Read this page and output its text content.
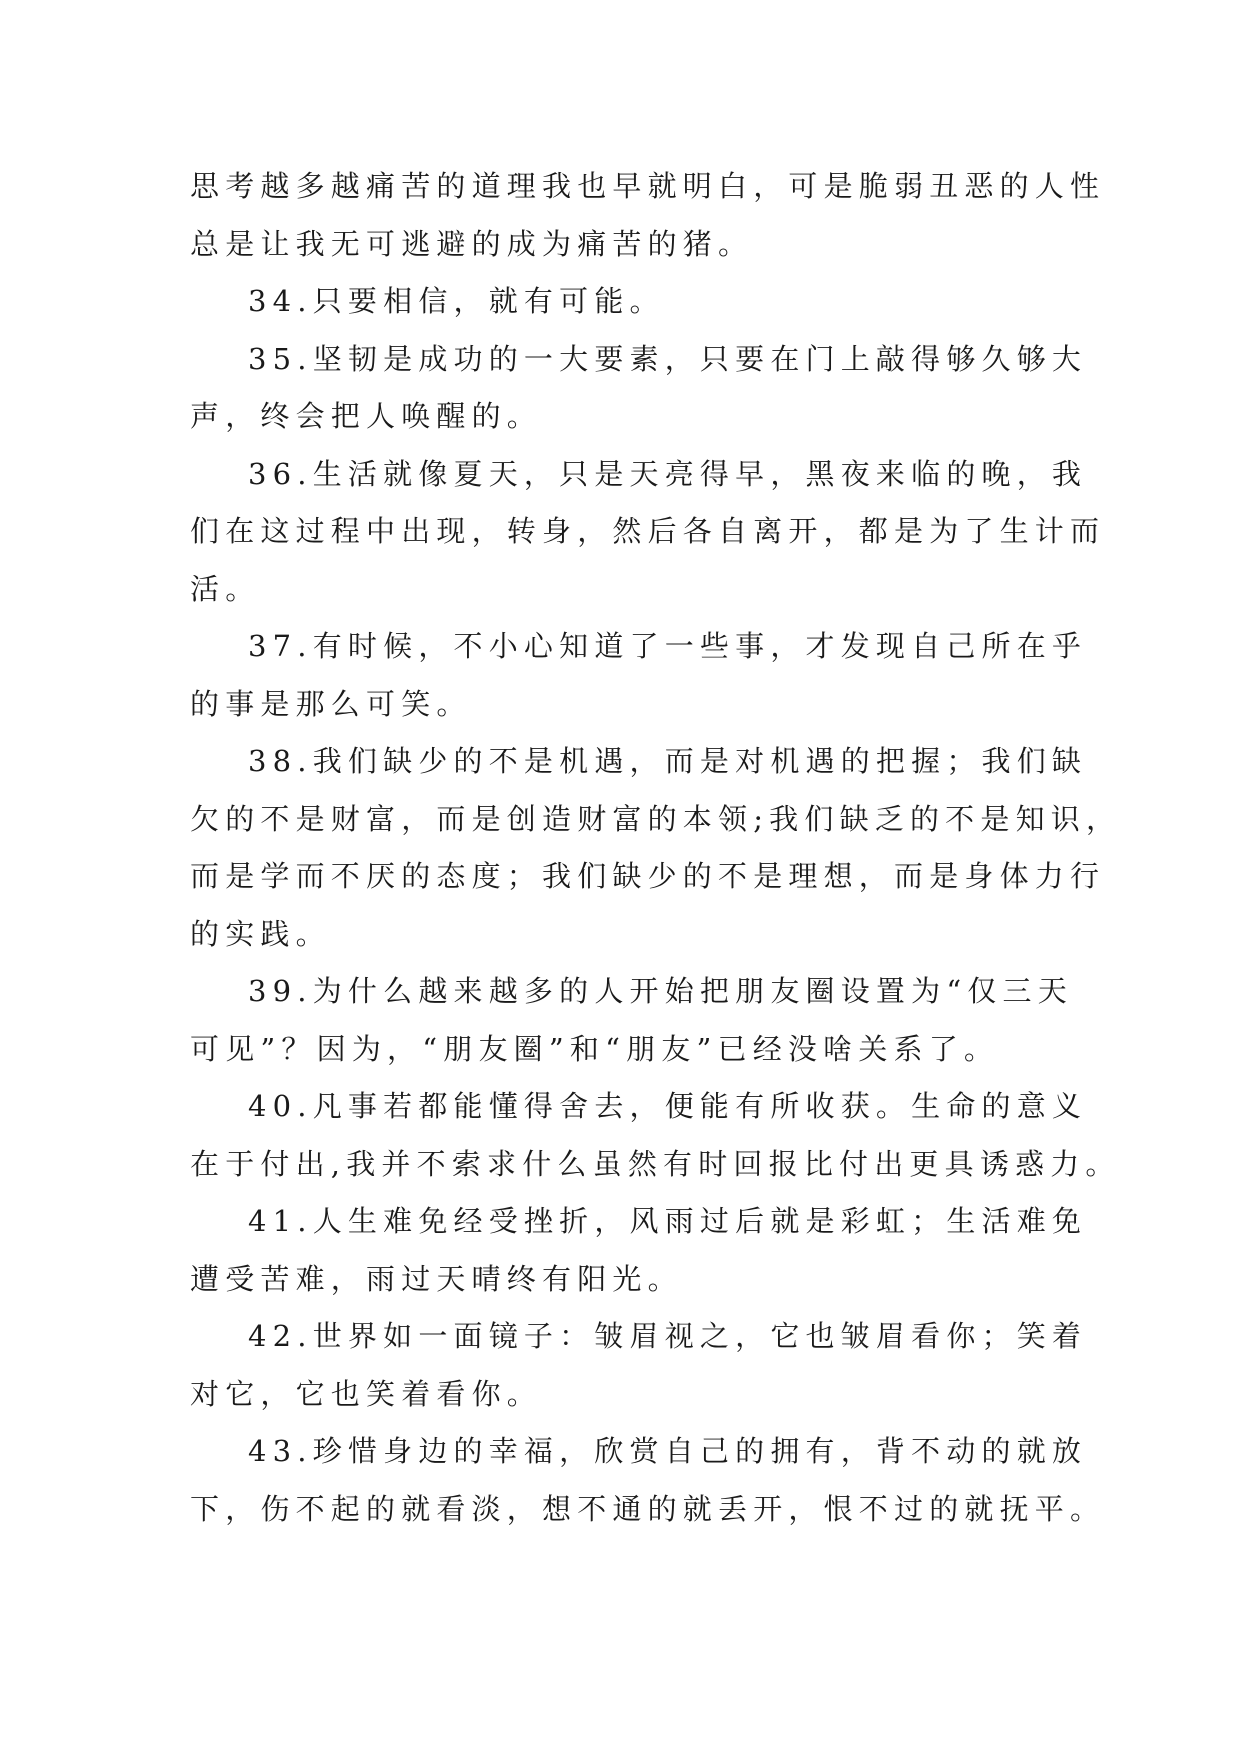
思考越多越痛苦的道理我也早就明白，可是脆弱丑恶的人性
总是让我无可逃避的成为痛苦的猪。

34.只要相信，就有可能。

35.坚韧是成功的一大要素，只要在门上敲得够久够大
声，终会把人唤醒的。

36.生活就像夏天，只是天亮得早，黑夜来临的晚，我
们在这过程中出现，转身，然后各自离开，都是为了生计而
活。

37.有时候，不小心知道了一些事，才发现自己所在乎
的事是那么可笑。

38.我们缺少的不是机遇，而是对机遇的把握；我们缺
欠的不是财富，而是创造财富的本领;我们缺乏的不是知识，
而是学而不厌的态度；我们缺少的不是理想，而是身体力行
的实践。

39.为什么越来越多的人开始把朋友圈设置为“仅三天
可见”？因为，“朋友圈”和“朋友”已经没啥关系了。

40.凡事若都能懂得舍去，便能有所收获。生命的意义
在于付出,我并不索求什么虽然有时回报比付出更具诱惑力。

41.人生难免经受挫折，风雨过后就是彩虹；生活难免
遭受苦难，雨过天晴终有阳光。

42.世界如一面镜子：皱眉视之，它也皱眉看你；笑着
对它，它也笑着看你。

43.珍惜身边的幸福，欣赏自己的拥有，背不动的就放
下，伤不起的就看淡，想不通的就丢开，恨不过的就抚平。
